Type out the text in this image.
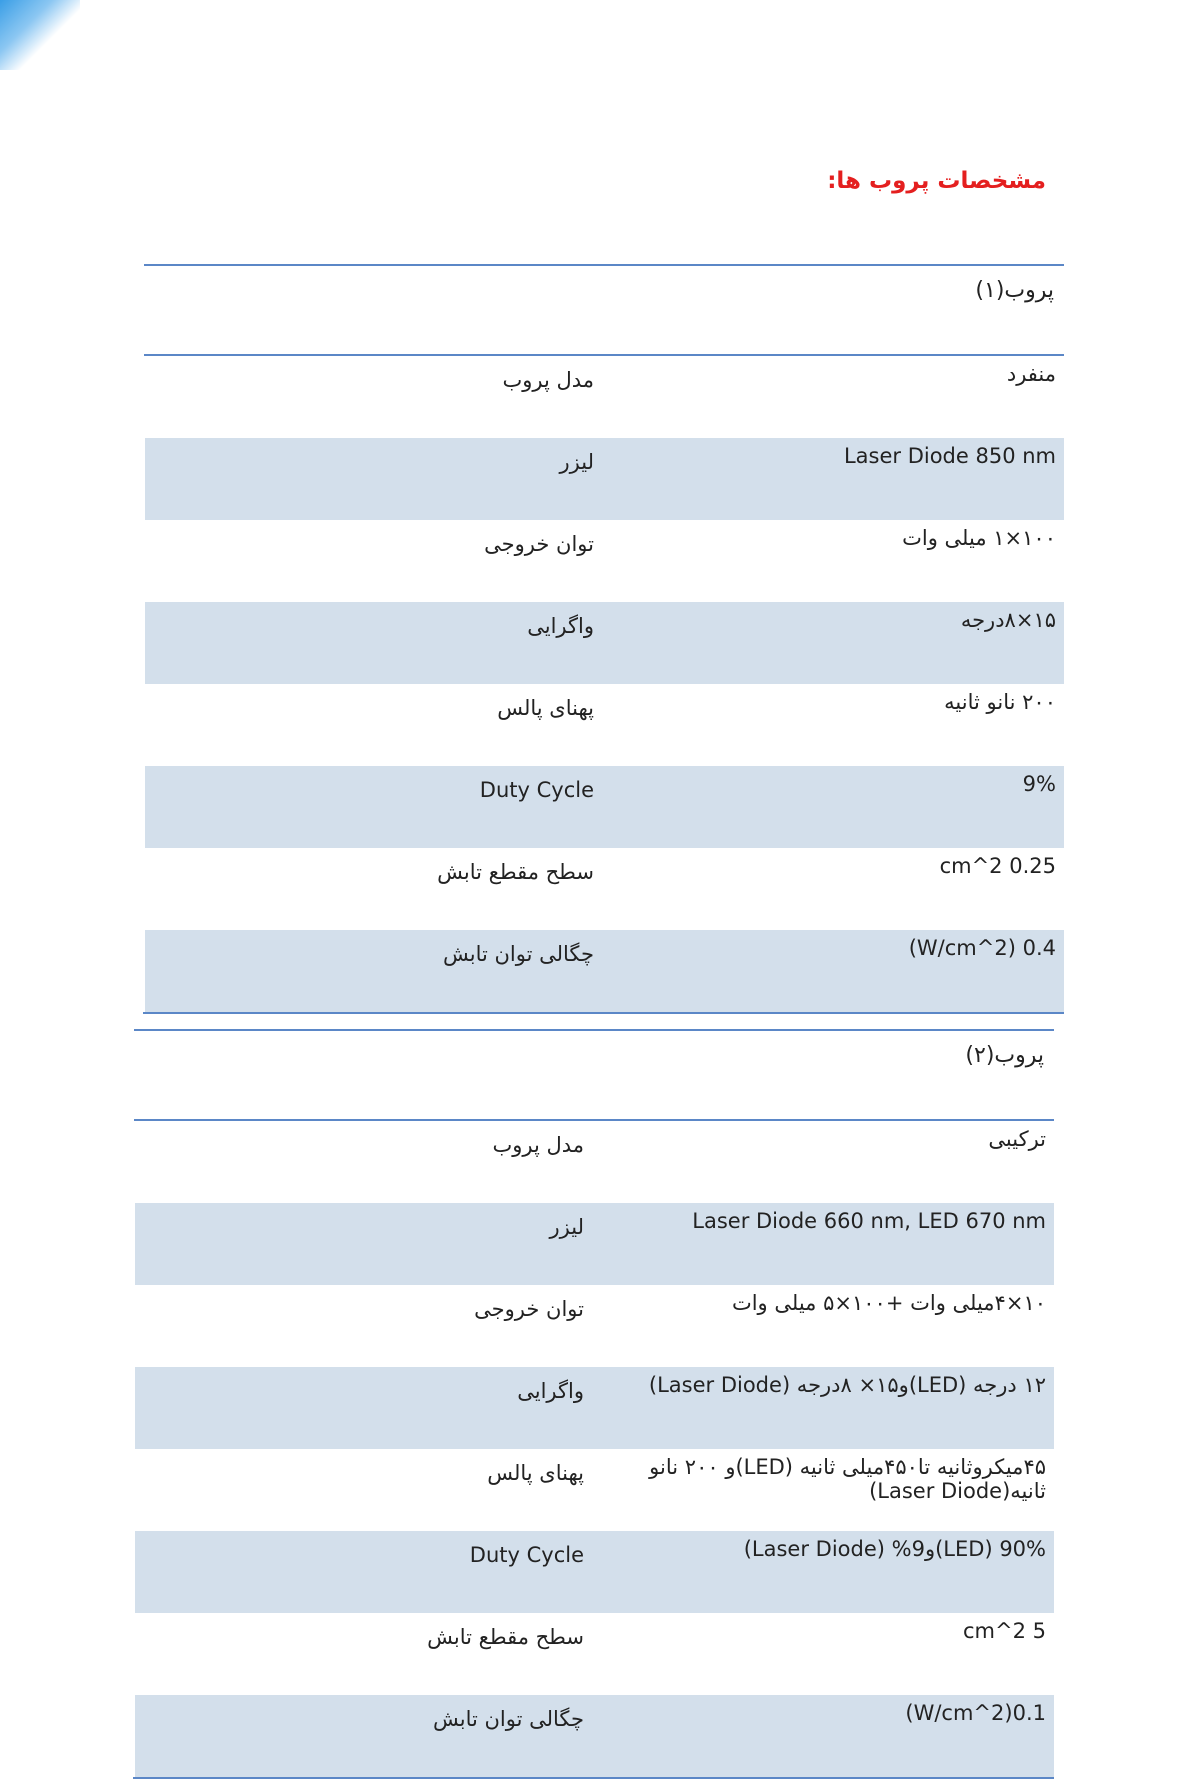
مشخصات پروب ها:
پروب(۱)	
مدل پروب	منفرد
لیزر	Laser Diode 850 nm
توان خروجی	۱۰۰×۱ میلی وات
واگرایی	۱۵×۸درجه
پهنای پالس	۲۰۰ نانو ثانیه
Duty Cycle	9%
سطح مقطع تابش	0.25 cm^2
چگالی توان تابش	0.4 (W/cm^2)
پروب(۲)	
مدل پروب	ترکیبی
لیزر	Laser Diode 660 nm, LED 670 nm
توان خروجی	۱۰×۴میلی وات +۱۰۰×۵ میلی وات
واگرایی	۱۲ درجه (LED)و۱۵× ۸درجه (Laser Diode)
پهنای پالس	۴۵میکروثانیه تا۴۵۰میلی ثانیه (LED)و ۲۰۰ نانو ثانیه(Laser Diode)
Duty Cycle	90% (LED)و9% (Laser Diode)
سطح مقطع تابش	5 cm^2
چگالی توان تابش	0.1(W/cm^2)
